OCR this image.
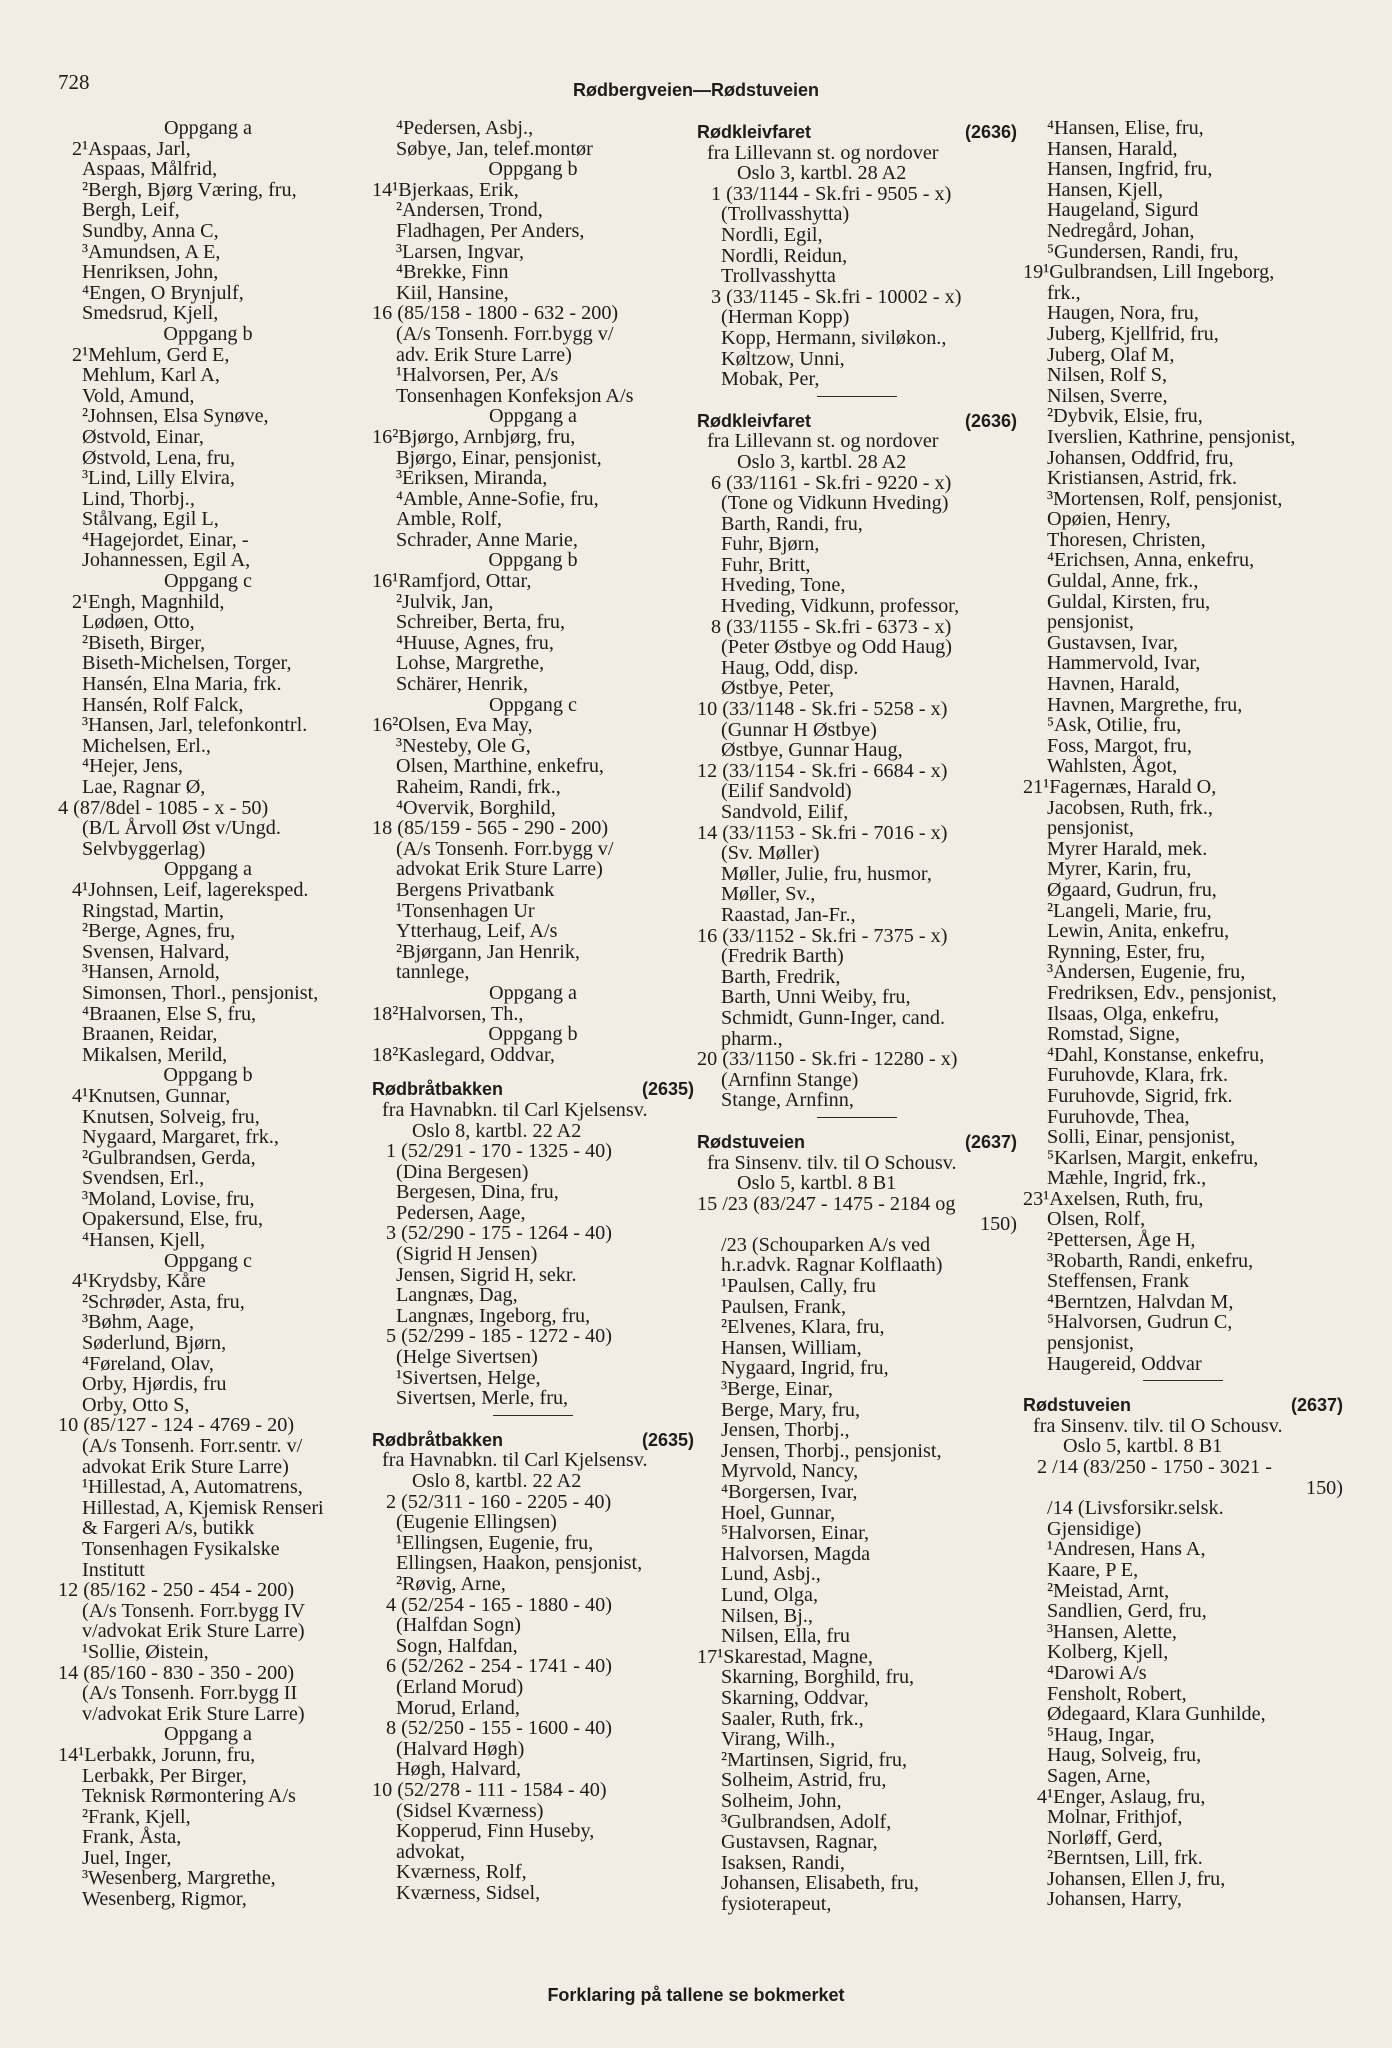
728	Rødbergveien—Rødstuveien
Oppgang a
2¹Aspaas, Jarl,
Aspaas, Målfrid,
²Bergh, Bjørg Væring, fru,
Bergh, Leif,
Sundby, Anna C,
³Amundsen, A E,
Henriksen, John,
⁴Engen, O Brynjulf,
Smedsrud, Kjell,
Oppgang b
2¹Mehlum, Gerd E,
Mehlum, Karl A,
Vold, Amund,
²Johnsen, Elsa Synøve,
Østvold, Einar,
Østvold, Lena, fru,
³Lind, Lilly Elvira,
Lind, Thorbj.,
Stålvang, Egil L,
⁴Hagejordet, Einar, -
Johannessen, Egil A,
Oppgang c
2¹Engh, Magnhild,
Lødøen, Otto,
²Biseth, Birger,
Biseth-Michelsen, Torger,
Hansén, Elna Maria, frk.
Hansén, Rolf Falck,
³Hansen, Jarl, telefonkontrl.
Michelsen, Erl.,
⁴Hejer, Jens,
Lae, Ragnar Ø,
4 (87/8del - 1085 - x - 50)
(B/L Årvoll Øst v/Ungd.
Selvbyggerlag)
Oppgang a
4¹Johnsen, Leif, lagereksped.
Ringstad, Martin,
²Berge, Agnes, fru,
Svensen, Halvard,
³Hansen, Arnold,
Simonsen, Thorl., pensjonist,
⁴Braanen, Else S, fru,
Braanen, Reidar,
Mikalsen, Merild,
Oppgang b
4¹Knutsen, Gunnar,
Knutsen, Solveig, fru,
Nygaard, Margaret, frk.,
²Gulbrandsen, Gerda,
Svendsen, Erl.,
³Moland, Lovise, fru,
Opakersund, Else, fru,
⁴Hansen, Kjell,
Oppgang c
4¹Krydsby, Kåre
²Schrøder, Asta, fru,
³Bøhm, Aage,
Søderlund, Bjørn,
⁴Føreland, Olav,
Orby, Hjørdis, fru
Orby, Otto S,
10 (85/127 - 124 - 4769 - 20)
(A/s Tonsenh. Forr.sentr. v/
advokat Erik Sture Larre)
¹Hillestad, A, Automatrens,
Hillestad, A, Kjemisk Renseri
& Fargeri A/s, butikk
Tonsenhagen Fysikalske
Institutt
12 (85/162 - 250 - 454 - 200)
(A/s Tonsenh. Forr.bygg IV
v/advokat Erik Sture Larre)
¹Sollie, Øistein,
14 (85/160 - 830 - 350 - 200)
(A/s Tonsenh. Forr.bygg II
v/advokat Erik Sture Larre)
Oppgang a
14¹Lerbakk, Jorunn, fru,
Lerbakk, Per Birger,
Teknisk Rørmontering A/s
²Frank, Kjell,
Frank, Åsta,
Juel, Inger,
³Wesenberg, Margrethe,
Wesenberg, Rigmor,
⁴Pedersen, Asbj.,
Søbye, Jan, telef.montør
Oppgang b
14¹Bjerkaas, Erik,
²Andersen, Trond,
Fladhagen, Per Anders,
³Larsen, Ingvar,
⁴Brekke, Finn
Kiil, Hansine,
16 (85/158 - 1800 - 632 - 200)
(A/s Tonsenh. Forr.bygg v/
adv. Erik Sture Larre)
¹Halvorsen, Per, A/s
Tonsenhagen Konfeksjon A/s
Oppgang a
16²Bjørgo, Arnbjørg, fru,
Bjørgo, Einar, pensjonist,
³Eriksen, Miranda,
⁴Amble, Anne-Sofie, fru,
Amble, Rolf,
Schrader, Anne Marie,
Oppgang b
16¹Ramfjord, Ottar,
²Julvik, Jan,
Schreiber, Berta, fru,
⁴Huuse, Agnes, fru,
Lohse, Margrethe,
Schärer, Henrik,
Oppgang c
16²Olsen, Eva May,
³Nesteby, Ole G,
Olsen, Marthine, enkefru,
Raheim, Randi, frk.,
⁴Overvik, Borghild,
18 (85/159 - 565 - 290 - 200)
(A/s Tonsenh. Forr.bygg v/
advokat Erik Sture Larre)
Bergens Privatbank
¹Tonsenhagen Ur
Ytterhaug, Leif, A/s
²Bjørgann, Jan Henrik,
tannlege,
Oppgang a
18²Halvorsen, Th.,
Oppgang b
18²Kaslegard, Oddvar,
Rødbråtbakken	(2635)
fra Havnabkn. til Carl Kjelsensv.
Oslo 8, kartbl. 22 A2
1 (52/291 - 170 - 1325 - 40)
(Dina Bergesen)
Bergesen, Dina, fru,
Pedersen, Aage,
3 (52/290 - 175 - 1264 - 40)
(Sigrid H Jensen)
Jensen, Sigrid H, sekr.
Langnæs, Dag,
Langnæs, Ingeborg, fru,
5 (52/299 - 185 - 1272 - 40)
(Helge Sivertsen)
¹Sivertsen, Helge,
Sivertsen, Merle, fru,
Rødbråtbakken	(2635)
fra Havnabkn. til Carl Kjelsensv.
Oslo 8, kartbl. 22 A2
2 (52/311 - 160 - 2205 - 40)
(Eugenie Ellingsen)
¹Ellingsen, Eugenie, fru,
Ellingsen, Haakon, pensjonist,
²Røvig, Arne,
4 (52/254 - 165 - 1880 - 40)
(Halfdan Sogn)
Sogn, Halfdan,
6 (52/262 - 254 - 1741 - 40)
(Erland Morud)
Morud, Erland,
8 (52/250 - 155 - 1600 - 40)
(Halvard Høgh)
Høgh, Halvard,
10 (52/278 - 111 - 1584 - 40)
(Sidsel Kværness)
Kopperud, Finn Huseby,
advokat,
Kværness, Rolf,
Kværness, Sidsel,
Rødkleivfaret	(2636)
fra Lillevann st. og nordover
Oslo 3, kartbl. 28 A2
1 (33/1144 - Sk.fri - 9505 - x)
(Trollvasshytta)
Nordli, Egil,
Nordli, Reidun,
Trollvasshytta
3 (33/1145 - Sk.fri - 10002 - x)
(Herman Kopp)
Kopp, Hermann, siviløkon.,
Køltzow, Unni,
Mobak, Per,
Rødkleivfaret	(2636)
fra Lillevann st. og nordover
Oslo 3, kartbl. 28 A2
6 (33/1161 - Sk.fri - 9220 - x)
(Tone og Vidkunn Hveding)
Barth, Randi, fru,
Fuhr, Bjørn,
Fuhr, Britt,
Hveding, Tone,
Hveding, Vidkunn, professor,
8 (33/1155 - Sk.fri - 6373 - x)
(Peter Østbye og Odd Haug)
Haug, Odd, disp.
Østbye, Peter,
10 (33/1148 - Sk.fri - 5258 - x)
(Gunnar H Østbye)
Østbye, Gunnar Haug,
12 (33/1154 - Sk.fri - 6684 - x)
(Eilif Sandvold)
Sandvold, Eilif,
14 (33/1153 - Sk.fri - 7016 - x)
(Sv. Møller)
Møller, Julie, fru, husmor,
Møller, Sv.,
Raastad, Jan-Fr.,
16 (33/1152 - Sk.fri - 7375 - x)
(Fredrik Barth)
Barth, Fredrik,
Barth, Unni Weiby, fru,
Schmidt, Gunn-Inger, cand.
pharm.,
20 (33/1150 - Sk.fri - 12280 - x)
(Arnfinn Stange)
Stange, Arnfinn,
Rødstuveien	(2637)
fra Sinsenv. tilv. til O Schousv.
Oslo 5, kartbl. 8 B1
15 /23 (83/247 - 1475 - 2184 og
150)
/23 (Schouparken A/s ved
h.r.advk. Ragnar Kolflaath)
¹Paulsen, Cally, fru
Paulsen, Frank,
²Elvenes, Klara, fru,
Hansen, William,
Nygaard, Ingrid, fru,
³Berge, Einar,
Berge, Mary, fru,
Jensen, Thorbj.,
Jensen, Thorbj., pensjonist,
Myrvold, Nancy,
⁴Borgersen, Ivar,
Hoel, Gunnar,
⁵Halvorsen, Einar,
Halvorsen, Magda
Lund, Asbj.,
Lund, Olga,
Nilsen, Bj.,
Nilsen, Ella, fru
17¹Skarestad, Magne,
Skarning, Borghild, fru,
Skarning, Oddvar,
Saaler, Ruth, frk.,
Virang, Wilh.,
²Martinsen, Sigrid, fru,
Solheim, Astrid, fru,
Solheim, John,
³Gulbrandsen, Adolf,
Gustavsen, Ragnar,
Isaksen, Randi,
Johansen, Elisabeth, fru,
fysioterapeut,
⁴Hansen, Elise, fru,
Hansen, Harald,
Hansen, Ingfrid, fru,
Hansen, Kjell,
Haugeland, Sigurd
Nedregård, Johan,
⁵Gundersen, Randi, fru,
19¹Gulbrandsen, Lill Ingeborg,
frk.,
Haugen, Nora, fru,
Juberg, Kjellfrid, fru,
Juberg, Olaf M,
Nilsen, Rolf S,
Nilsen, Sverre,
²Dybvik, Elsie, fru,
Iverslien, Kathrine, pensjonist,
Johansen, Oddfrid, fru,
Kristiansen, Astrid, frk.
³Mortensen, Rolf, pensjonist,
Opøien, Henry,
Thoresen, Christen,
⁴Erichsen, Anna, enkefru,
Guldal, Anne, frk.,
Guldal, Kirsten, fru,
pensjonist,
Gustavsen, Ivar,
Hammervold, Ivar,
Havnen, Harald,
Havnen, Margrethe, fru,
⁵Ask, Otilie, fru,
Foss, Margot, fru,
Wahlsten, Ågot,
21¹Fagernæs, Harald O,
Jacobsen, Ruth, frk.,
pensjonist,
Myrer Harald, mek.
Myrer, Karin, fru,
Øgaard, Gudrun, fru,
²Langeli, Marie, fru,
Lewin, Anita, enkefru,
Rynning, Ester, fru,
³Andersen, Eugenie, fru,
Fredriksen, Edv., pensjonist,
Ilsaas, Olga, enkefru,
Romstad, Signe,
⁴Dahl, Konstanse, enkefru,
Furuhovde, Klara, frk.
Furuhovde, Sigrid, frk.
Furuhovde, Thea,
Solli, Einar, pensjonist,
⁵Karlsen, Margit, enkefru,
Mæhle, Ingrid, frk.,
23¹Axelsen, Ruth, fru,
Olsen, Rolf,
²Pettersen, Åge H,
³Robarth, Randi, enkefru,
Steffensen, Frank
⁴Berntzen, Halvdan M,
⁵Halvorsen, Gudrun C,
pensjonist,
Haugereid, Oddvar
Rødstuveien	(2637)
fra Sinsenv. tilv. til O Schousv.
Oslo 5, kartbl. 8 B1
2 /14 (83/250 - 1750 - 3021 -
150)
/14 (Livsforsikr.selsk.
Gjensidige)
¹Andresen, Hans A,
Kaare, P E,
²Meistad, Arnt,
Sandlien, Gerd, fru,
³Hansen, Alette,
Kolberg, Kjell,
⁴Darowi A/s
Fensholt, Robert,
Ødegaard, Klara Gunhilde,
⁵Haug, Ingar,
Haug, Solveig, fru,
Sagen, Arne,
4¹Enger, Aslaug, fru,
Molnar, Frithjof,
Norløff, Gerd,
²Berntsen, Lill, frk.
Johansen, Ellen J, fru,
Johansen, Harry,
Forklaring på tallene se bokmerket
